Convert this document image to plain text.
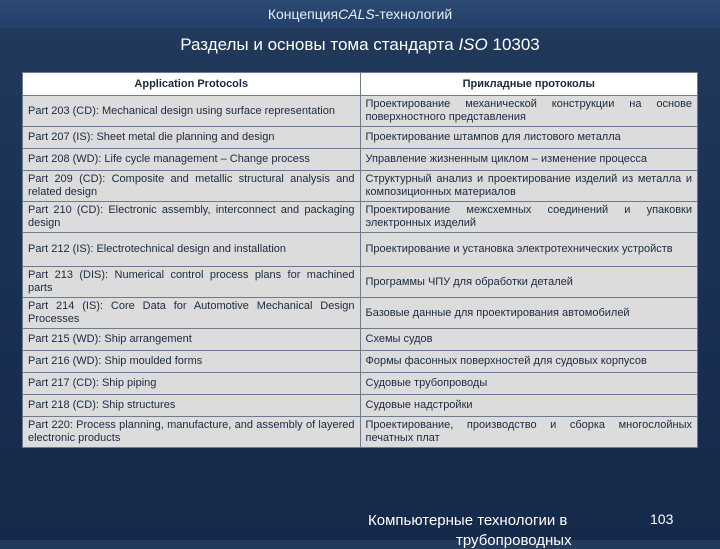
Концепция CALS -технологий
Разделы и основы тома стандарта
ISO
10303
Application Protocols	Прикладные протоколы
Part 203 (CD): Mechanical design using surface representation	Проектирование механической конструкции на основе поверхностного представления
Part 207 (IS): Sheet metal die planning and design	Проектирование штампов для листового металла
Part 208 (WD): Life cycle management – Change process	Управление жизненным циклом – изменение процесса
Part 209 (CD): Composite and metallic structural analysis and related design	Структурный анализ и проектирование изделий из металла и композиционных материалов
Part 210 (CD): Electronic assembly, interconnect and packaging design	Проектирование межсхемных соединений и упаковки электронных изделий
Part 212 (IS): Electrotechnical design and installation	Проектирование и установка электротехнических устройств
Part 213 (DIS): Numerical control process plans for machined parts	Программы ЧПУ для обработки деталей
Part 214 (IS): Core Data for Automotive Mechanical Design Processes	Базовые данные для проектирования автомобилей
Part 215 (WD): Ship arrangement	Схемы судов
Part 216 (WD): Ship moulded forms	Формы фасонных поверхностей для судовых корпусов
Part 217 (CD): Ship piping	Судовые трубопроводы
Part 218 (CD): Ship structures	Судовые надстройки
Part 220: Process planning, manufacture, and assembly of layered electronic products	Проектирование, производство и сборка многослойных печатных плат
Компьютерные технологии в
трубопроводных
103
